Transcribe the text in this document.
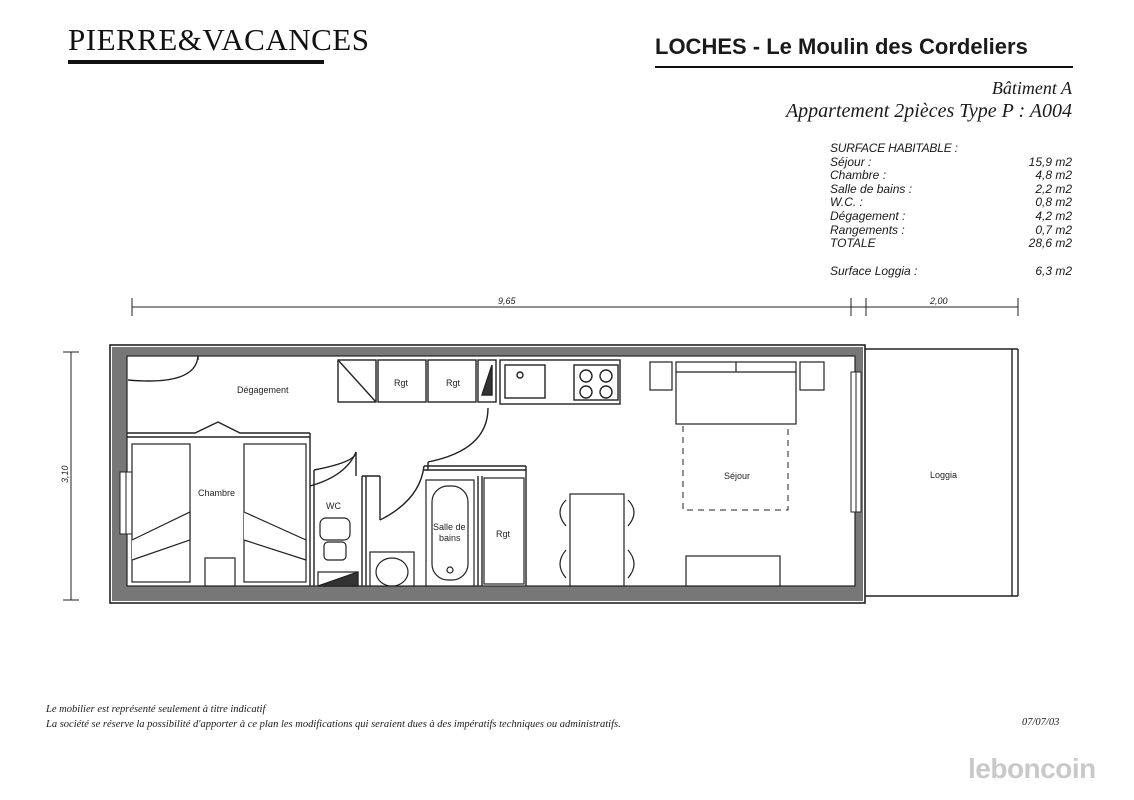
PIERRE&VACANCES	LOCHES - Le Moulin des Cordeliers
Bâtiment A
Appartement 2pièces Type P : A004
SURFACE HABITABLE :
Séjour :	15,9 m2
Chambre :	4,8 m2
Salle de bains :	2,2 m2
W.C. :	0,8 m2
Dégagement :	4,2 m2
Rangements :	0,7 m2
TOTALE	28,6 m2
Surface Loggia :	6,3 m2
9,65	2,00
3,10
Dégagement
Chambre
WC
Salle de
bains	Rgt
Rgt	Rgt
Séjour	Loggia
Le mobilier est représenté seulement à titre indicatif
La société se réserve la possibilité d'apporter à ce plan les modifications qui seraient dues à des impératifs techniques ou administratifs.	07/07/03
leboncoin
